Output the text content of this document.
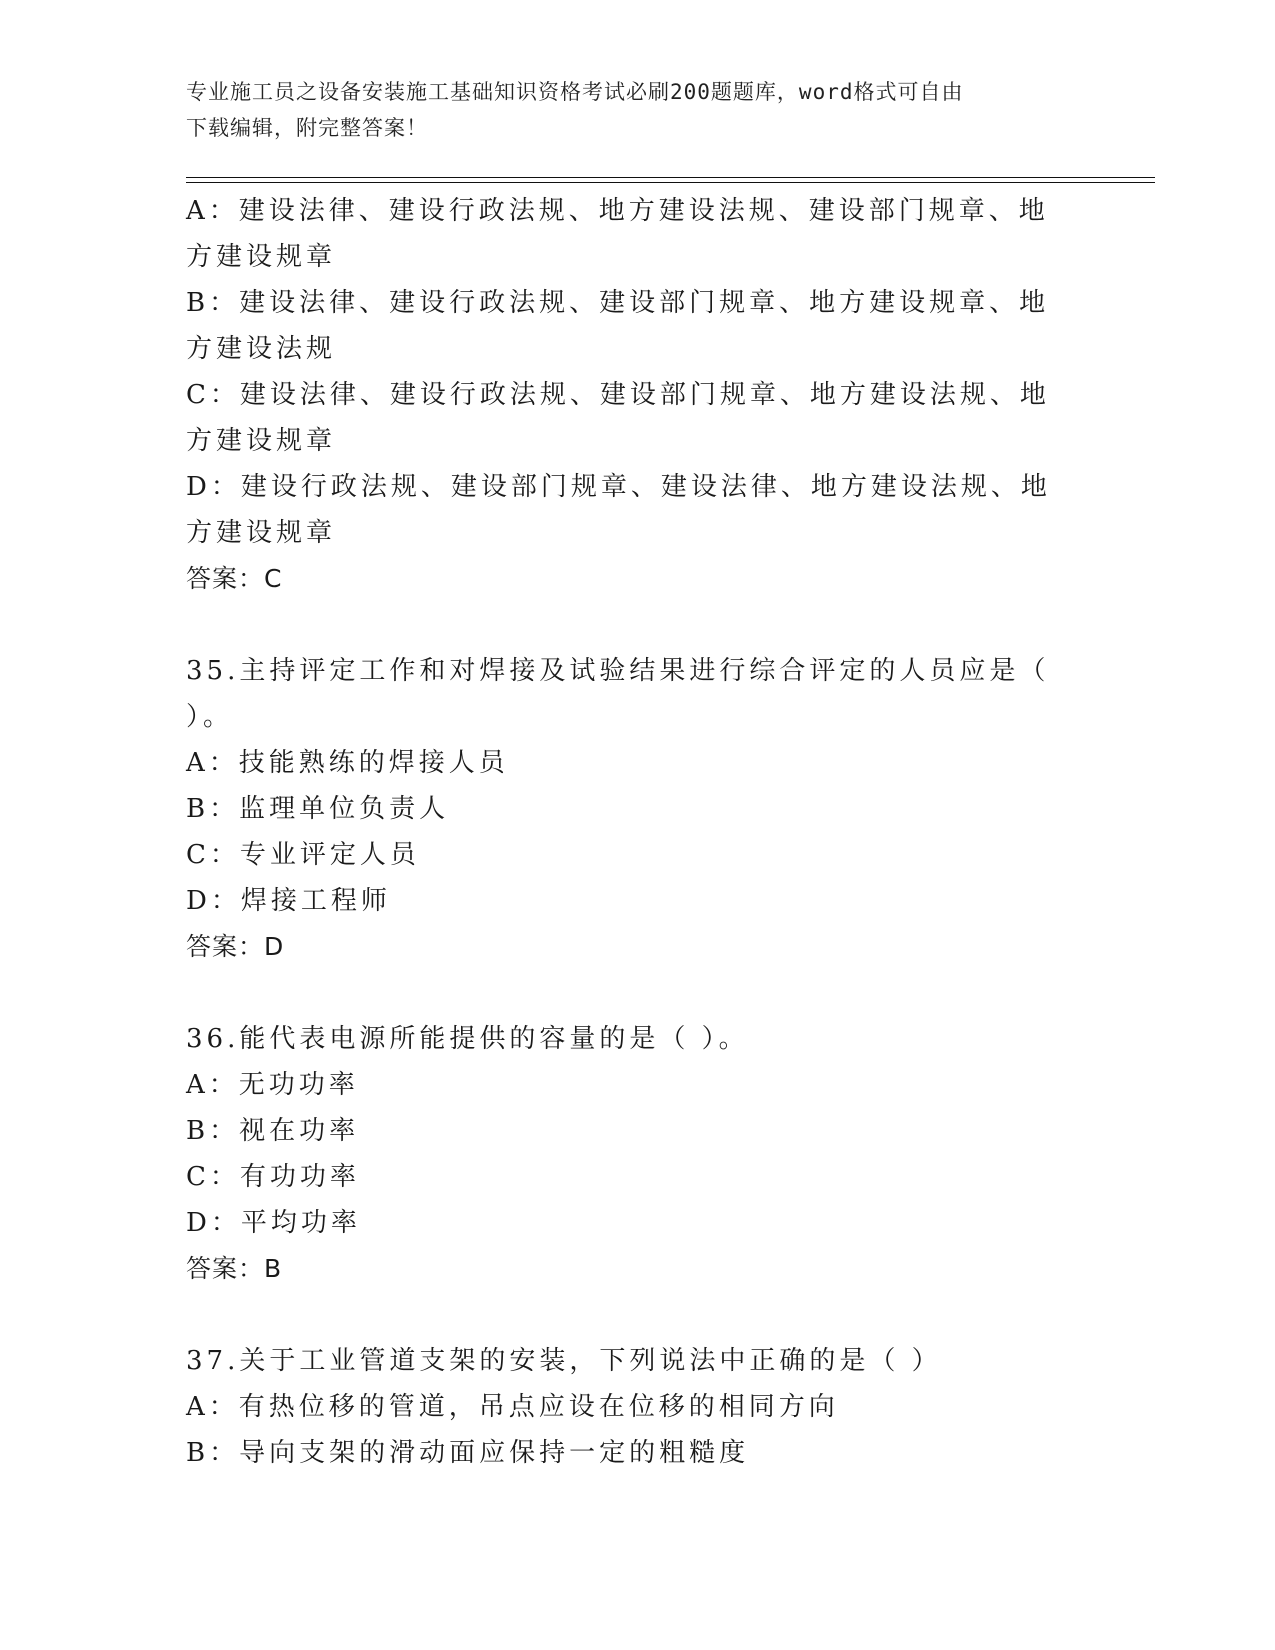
专业施工员之设备安装施工基础知识资格考试必刷200题题库，word格式可自由
下载编辑，附完整答案！

A：建设法律、建设行政法规、地方建设法规、建设部门规章、地方建设规章

B：建设法律、建设行政法规、建设部门规章、地方建设规章、地方建设法规

C：建设法律、建设行政法规、建设部门规章、地方建设法规、地方建设规章

D：建设行政法规、建设部门规章、建设法律、地方建设法规、地方建设规章

答案：C

35.主持评定工作和对焊接及试验结果进行综合评定的人员应是（ ）。

A：技能熟练的焊接人员

B：监理单位负责人

C：专业评定人员

D：焊接工程师

答案：D

36.能代表电源所能提供的容量的是（ ）。

A：无功功率

B：视在功率

C：有功功率

D：平均功率

答案：B

37.关于工业管道支架的安装，下列说法中正确的是（ ）

A：有热位移的管道，吊点应设在位移的相同方向

B：导向支架的滑动面应保持一定的粗糙度
